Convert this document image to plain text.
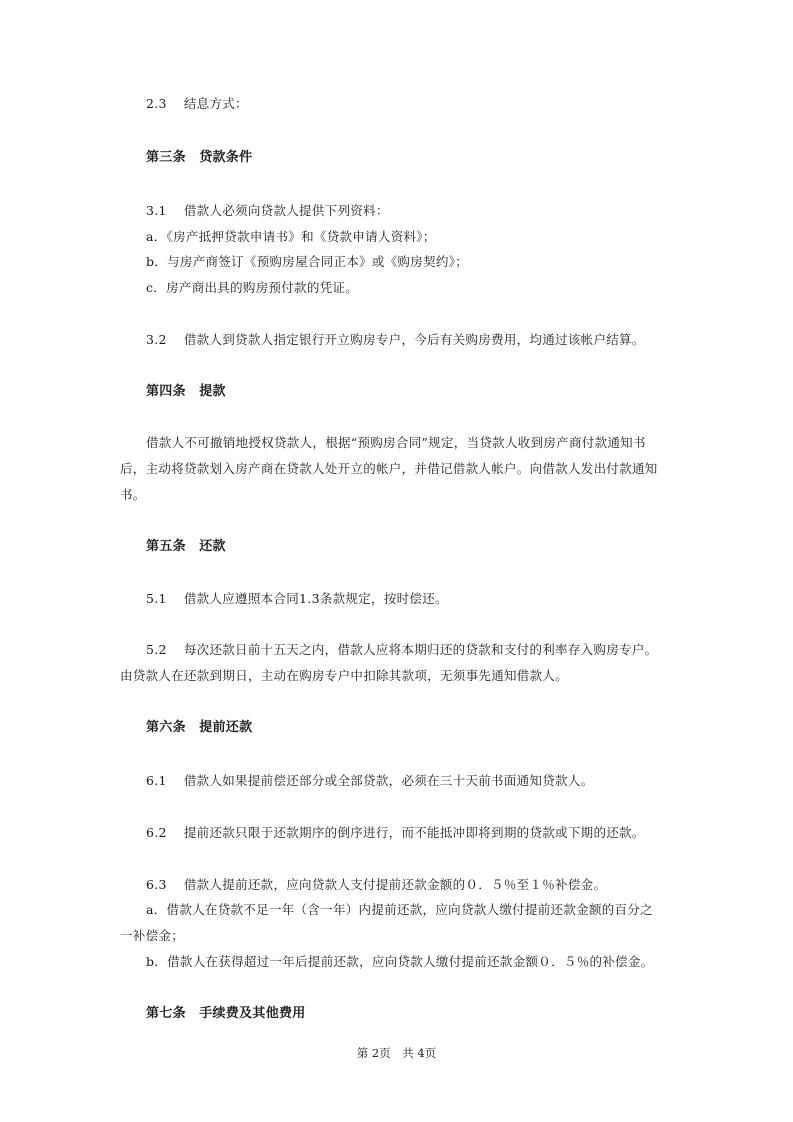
2.3　 结息方式：
第三条　贷款条件
3.1　 借款人必须向贷款人提供下列资料：
a．《房产抵押贷款申请书》和《贷款申请人资料》；
b．与房产商签订《预购房屋合同正本》或《购房契约》；
c．房产商出具的购房预付款的凭证。
3.2　 借款人到贷款人指定银行开立购房专户，今后有关购房费用，均通过该帐户结算。
第四条　提款
借款人不可撤销地授权贷款人，根据“预购房合同”规定，当贷款人收到房产商付款通知书后，主动将贷款划入房产商在贷款人处开立的帐户，并借记借款人帐户。向借款人发出付款通知书。
第五条　还款
5.1　 借款人应遵照本合同1.3条款规定，按时偿还。
5.2　 每次还款日前十五天之内，借款人应将本期归还的贷款和支付的利率存入购房专户。由贷款人在还款到期日，主动在购房专户中扣除其款项，无须事先通知借款人。
第六条　提前还款
6.1　 借款人如果提前偿还部分或全部贷款，必须在三十天前书面通知贷款人。
6.2　 提前还款只限于还款期序的倒序进行，而不能抵冲即将到期的贷款或下期的还款。
6.3　 借款人提前还款，应向贷款人支付提前还款金额的０．５％至１％补偿金。
a．借款人在贷款不足一年（含一年）内提前还款，应向贷款人缴付提前还款金额的百分之一补偿金；
b．借款人在获得超过一年后提前还款，应向贷款人缴付提前还款金额０．５％的补偿金。
第七条　手续费及其他费用
第 2页　共 4页
